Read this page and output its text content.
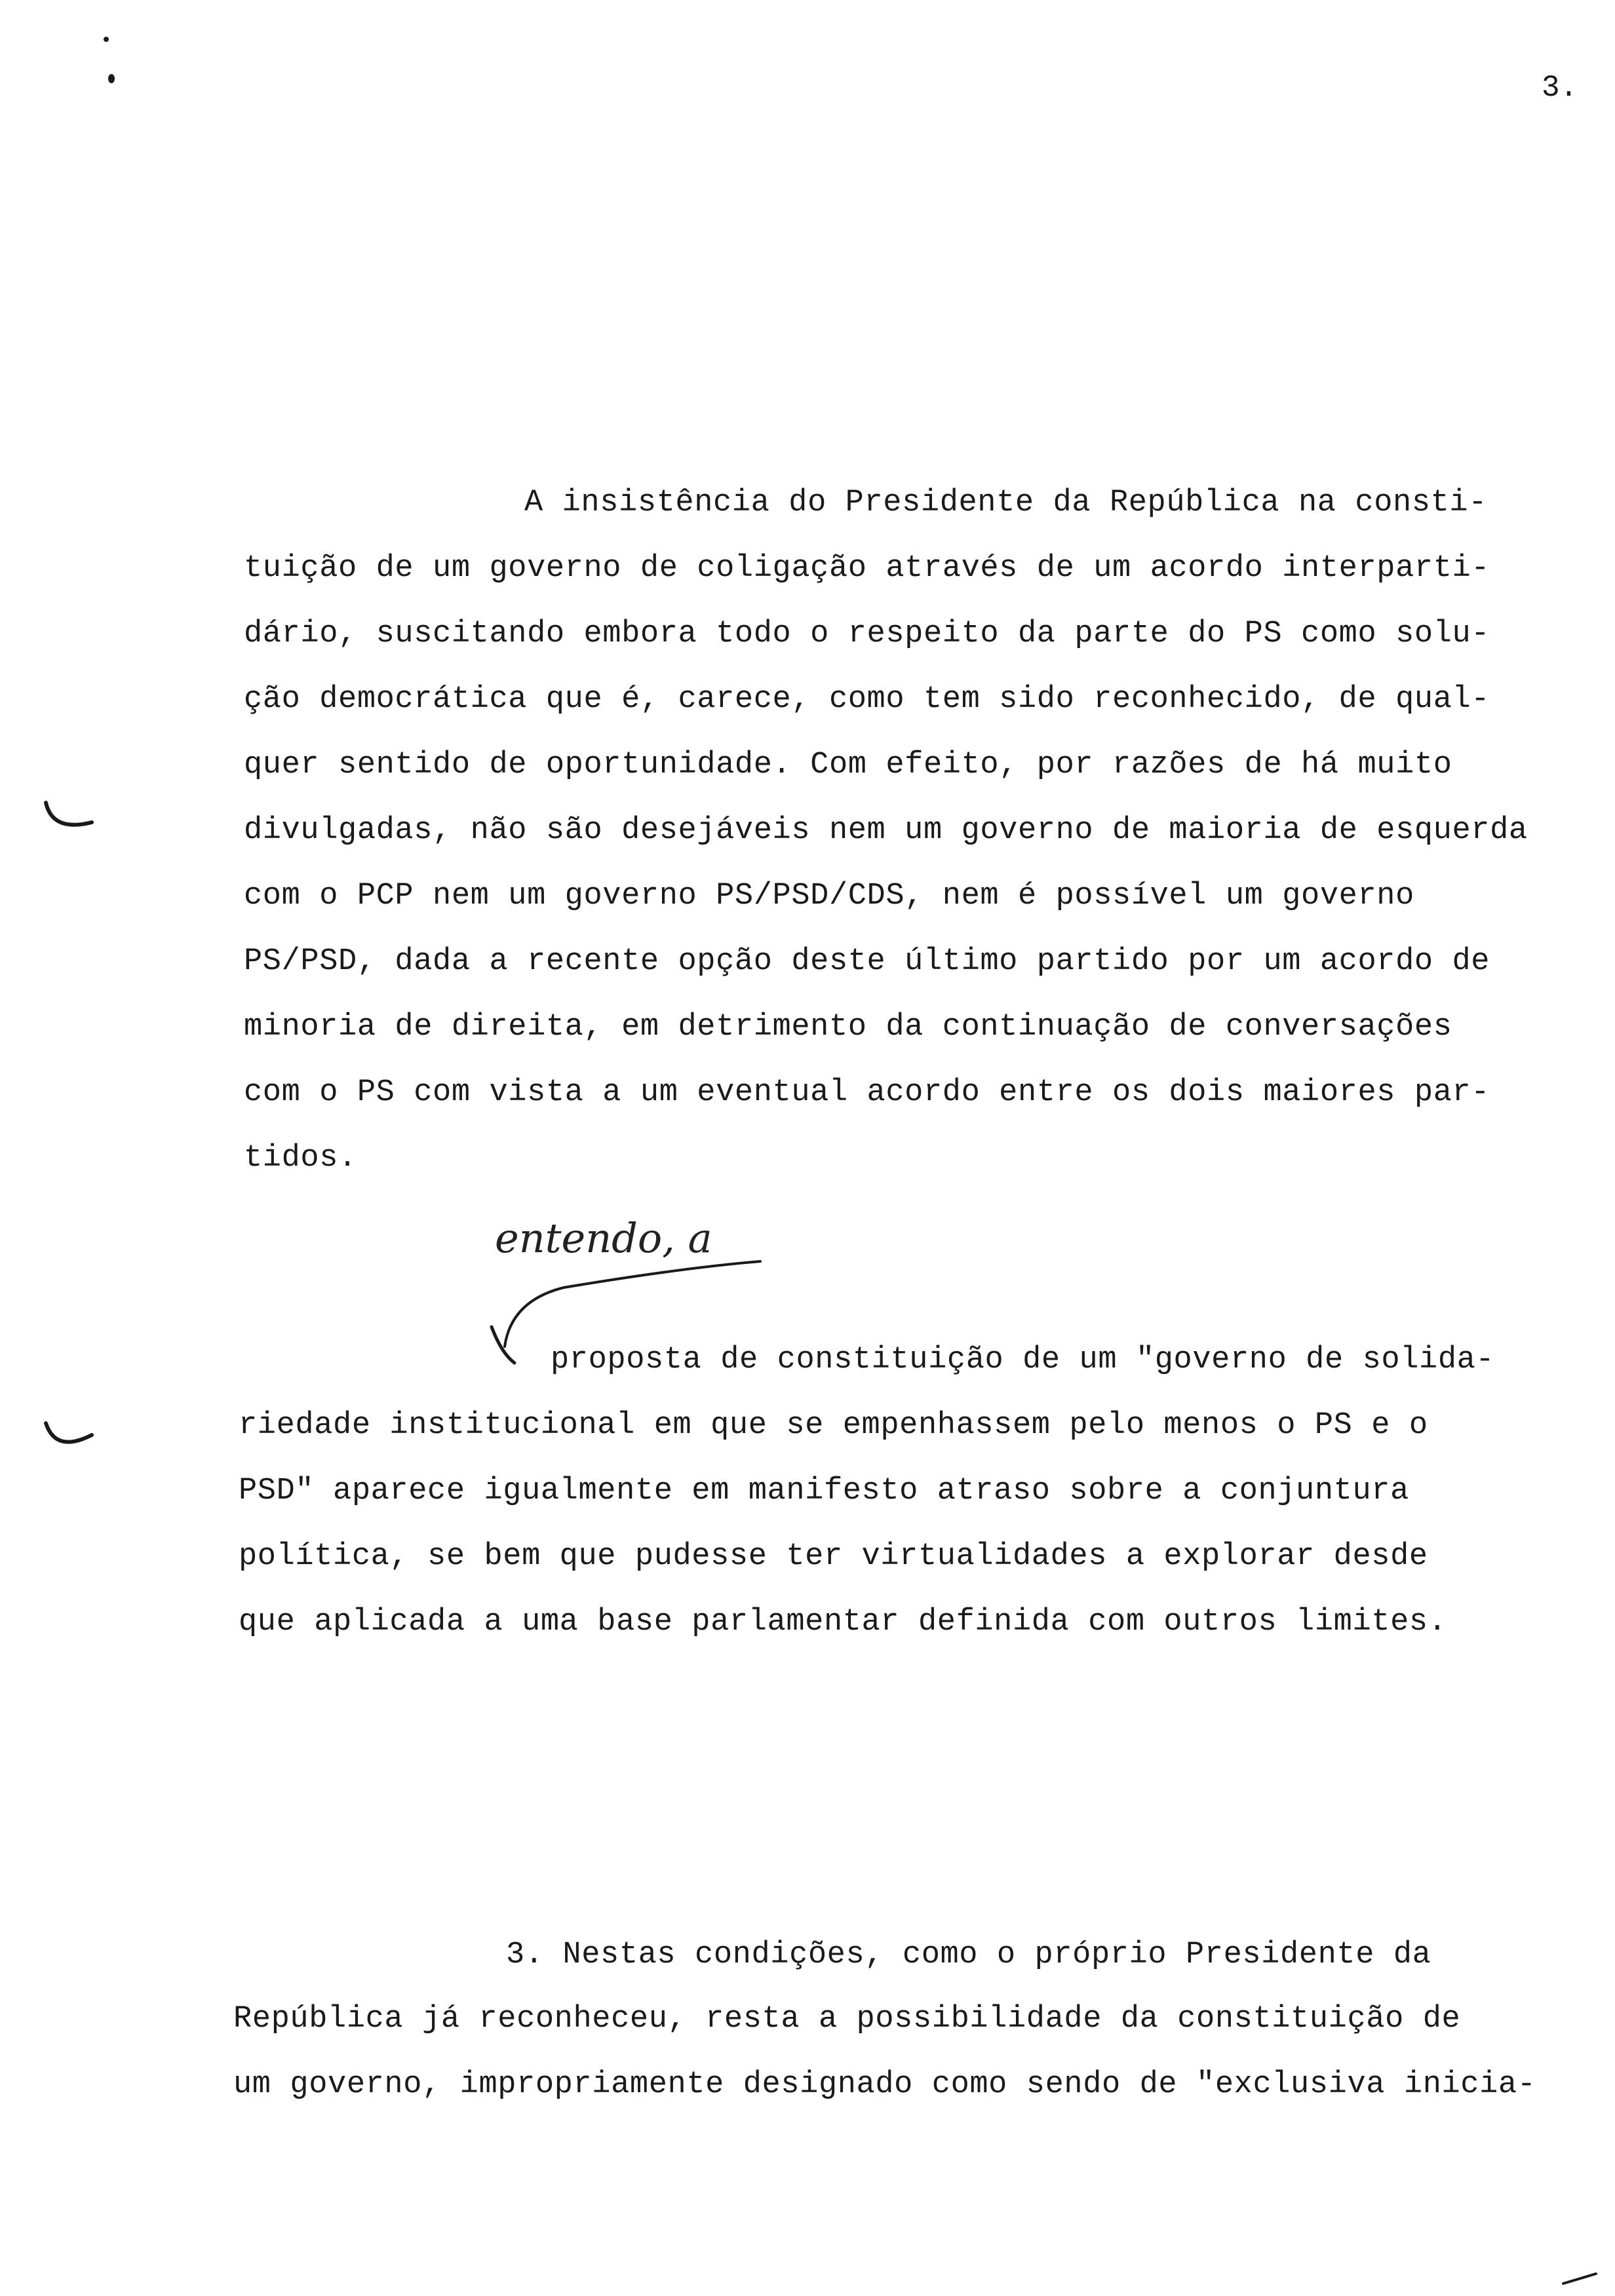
3.
A insistência do Presidente da República na consti-
tuição de um governo de coligação através de um acordo interparti-
dário, suscitando embora todo o respeito da parte do PS como solu-
ção democrática que é, carece, como tem sido reconhecido, de qual-
quer sentido de oportunidade. Com efeito, por razões de há muito
divulgadas, não são desejáveis nem um governo de maioria de esquerda
com o PCP nem um governo PS/PSD/CDS, nem é possível um governo
PS/PSD, dada a recente opção deste último partido por um acordo de
minoria de direita, em detrimento da continuação de conversações
com o PS com vista a um eventual acordo entre os dois maiores par-
tidos.
entendo, a
proposta de constituição de um "governo de solida-
riedade institucional em que se empenhassem pelo menos o PS e o
PSD" aparece igualmente em manifesto atraso sobre a conjuntura
política, se bem que pudesse ter virtualidades a explorar desde
que aplicada a uma base parlamentar definida com outros limites.
3. Nestas condições, como o próprio Presidente da
República já reconheceu, resta a possibilidade da constituição de
um governo, impropriamente designado como sendo de "exclusiva inicia-
